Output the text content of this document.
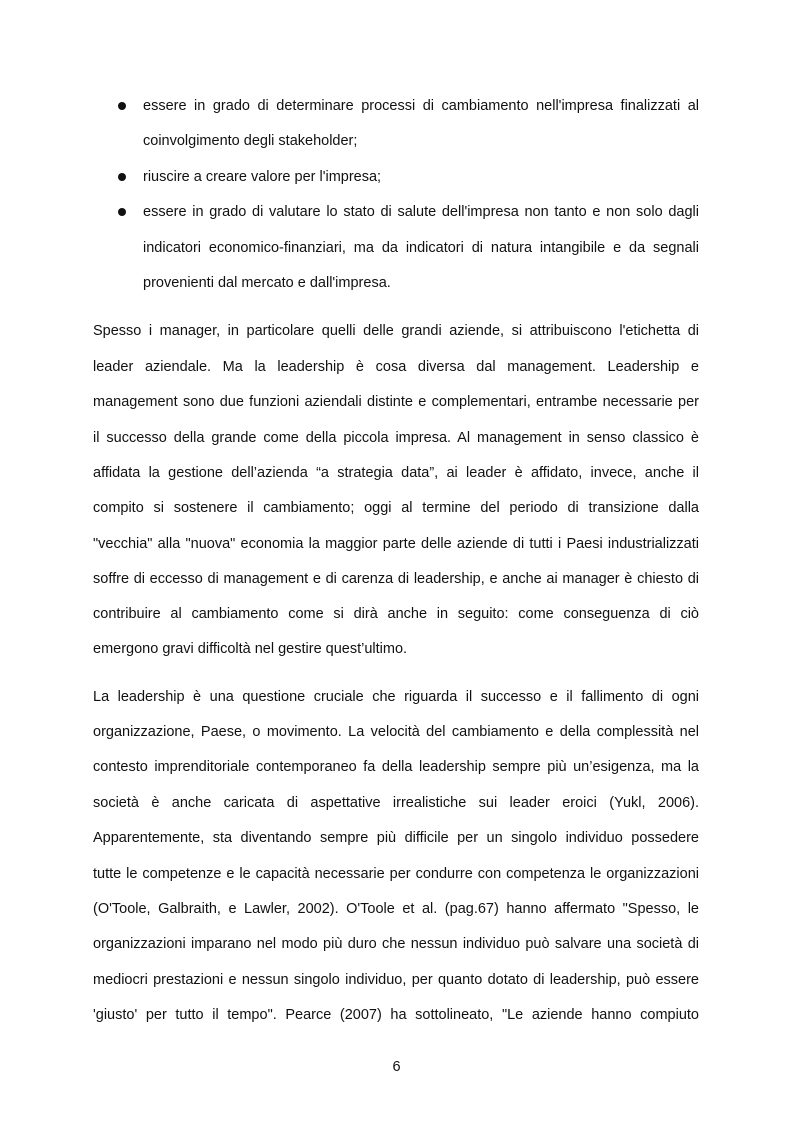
essere in grado di determinare processi di cambiamento nell'impresa finalizzati al
coinvolgimento degli stakeholder;
riuscire a creare valore per l'impresa;
essere in grado di valutare lo stato di salute dell'impresa non tanto e non solo dagli
indicatori economico-finanziari, ma da indicatori di natura intangibile e da segnali
provenienti dal mercato e dall'impresa.
Spesso i manager, in particolare quelli delle grandi aziende, si attribuiscono l'etichetta di
leader aziendale. Ma la leadership è cosa diversa dal management. Leadership e
management sono due funzioni aziendali distinte e complementari, entrambe necessarie per
il successo della grande come della piccola impresa. Al management in senso classico è
affidata la gestione dell’azienda “a strategia data”, ai leader è affidato, invece, anche il
compito si sostenere il cambiamento; oggi al termine del periodo di transizione dalla
"vecchia" alla "nuova" economia la maggior parte delle aziende di tutti i Paesi industrializzati
soffre di eccesso di management e di carenza di leadership, e anche ai manager è chiesto di
contribuire al cambiamento come si dirà anche in seguito: come conseguenza di ciò
emergono gravi difficoltà nel gestire quest’ultimo.
La leadership è una questione cruciale che riguarda il successo e il fallimento di ogni
organizzazione, Paese, o movimento. La velocità del cambiamento e della complessità nel
contesto imprenditoriale contemporaneo fa della leadership sempre più un’esigenza, ma la
società è anche caricata di aspettative irrealistiche sui leader eroici (Yukl, 2006).
Apparentemente, sta diventando sempre più difficile per un singolo individuo possedere
tutte le competenze e le capacità necessarie per condurre con competenza le organizzazioni
(O'Toole, Galbraith, e Lawler, 2002). O'Toole et al. (pag.67) hanno affermato "Spesso, le
organizzazioni imparano nel modo più duro che nessun individuo può salvare una società di
mediocri prestazioni e nessun singolo individuo, per quanto dotato di leadership, può essere
'giusto' per tutto il tempo". Pearce (2007) ha sottolineato, "Le aziende hanno compiuto
6
